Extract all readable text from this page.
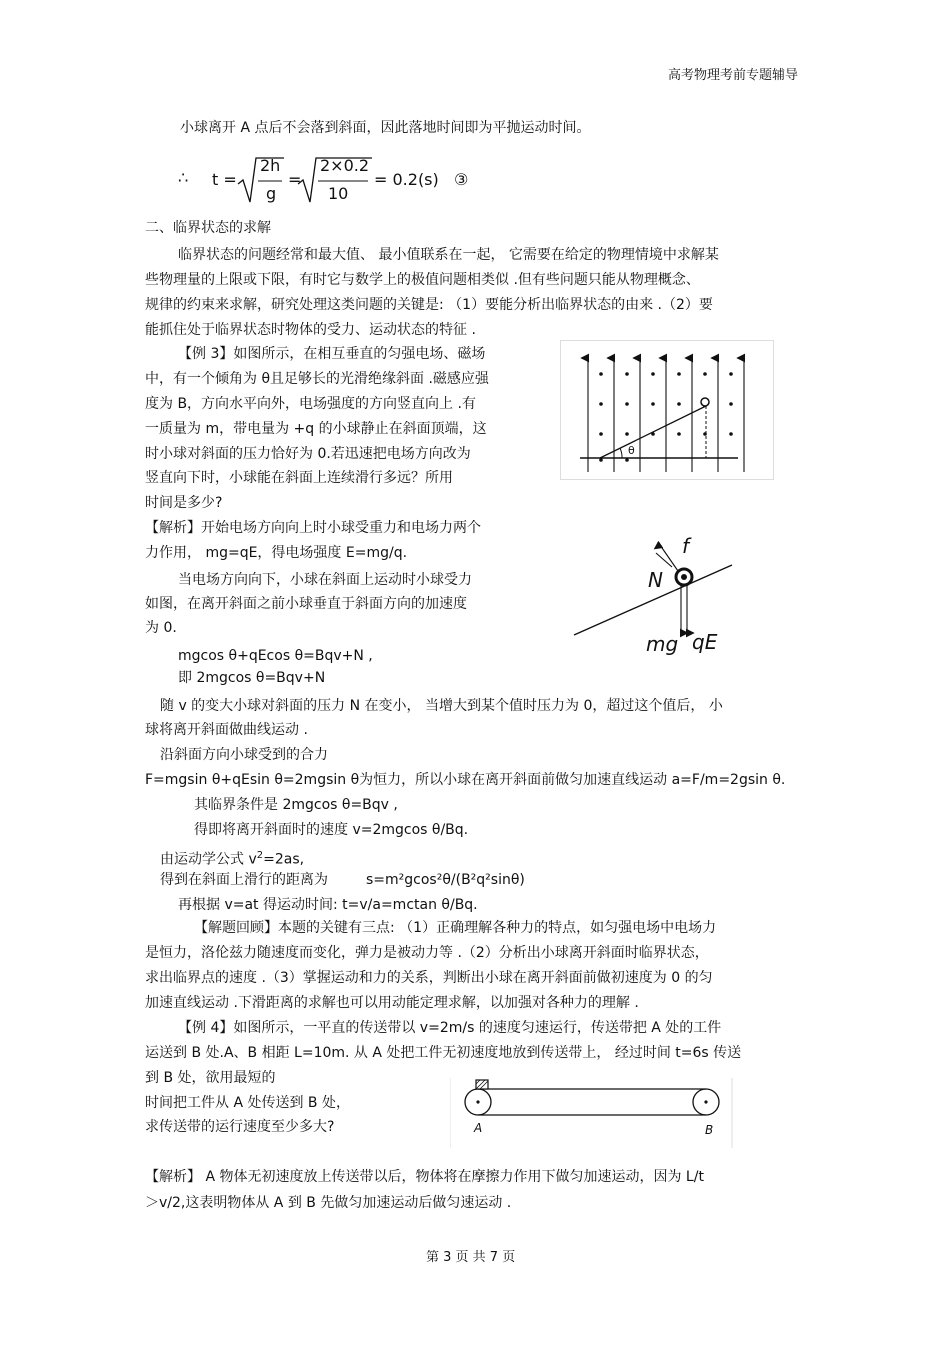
高考物理考前专题辅导
小球离开 A 点后不会落到斜面，因此落地时间即为平抛运动时间。
∴ t =
2h
g
=
2×0.2
10
= 0.2(s) ③
二、临界状态的求解
临界状态的问题经常和最大值、 最小值联系在一起， 它需要在给定的物理情境中求解某
些物理量的上限或下限，有时它与数学上的极值问题相类似 .但有些问题只能从物理概念、
规律的约束来求解，研究处理这类问题的关键是: （1）要能分析出临界状态的由来 .（2）要
能抓住处于临界状态时物体的受力、运动状态的特征 .
【例 3】如图所示，在相互垂直的匀强电场、磁场
中，有一个倾角为 θ且足够长的光滑绝缘斜面 .磁感应强
度为 B，方向水平向外，电场强度的方向竖直向上 .有
一质量为 m，带电量为 +q 的小球静止在斜面顶端，这
时小球对斜面的压力恰好为 0.若迅速把电场方向改为
竖直向下时，小球能在斜面上连续滑行多远？所用
时间是多少?
θ
【解析】开始电场方向向上时小球受重力和电场力两个
力作用， mg=qE，得电场强度 E=mg/q.
当电场方向向下，小球在斜面上运动时小球受力
如图，在离开斜面之前小球垂直于斜面方向的加速度
为 0.
mgcos θ+qEcos θ=Bqv+N ,
即 2mgcos θ=Bqv+N
f
N
mg qE
随 v 的变大小球对斜面的压力 N 在变小， 当增大到某个值时压力为 0，超过这个值后， 小
球将离开斜面做曲线运动 .
沿斜面方向小球受到的合力
F=mgsin θ+qEsin θ=2mgsin θ为恒力，所以小球在离开斜面前做匀加速直线运动 a=F/m=2gsin θ.
其临界条件是 2mgcos θ=Bqv ,
得即将离开斜面时的速度 v=2mgcos θ/Bq.
由运动学公式 $v^2=2as$,
得到在斜面上滑行的距离为	s=m²gcos²θ/(B²q²sinθ)
再根据 v=at 得运动时间: t=v/a=mctan θ/Bq.
【解题回顾】本题的关键有三点: （1）正确理解各种力的特点，如匀强电场中电场力
是恒力，洛伦兹力随速度而变化，弹力是被动力等 .（2）分析出小球离开斜面时临界状态，
求出临界点的速度 .（3）掌握运动和力的关系，判断出小球在离开斜面前做初速度为 0 的匀
加速直线运动 .下滑距离的求解也可以用动能定理求解，以加强对各种力的理解 .
【例 4】如图所示，一平直的传送带以 v=2m/s 的速度匀速运行，传送带把 A 处的工件
运送到 B 处.A、B 相距 L=10m. 从 A 处把工件无初速度地放到传送带上， 经过时间 t=6s 传送
到 B 处，欲用最短的
时间把工件从 A 处传送到 B 处，
求传送带的运行速度至少多大?	A	B
【解析】 A 物体无初速度放上传送带以后，物体将在摩擦力作用下做匀加速运动，因为 L/t
＞v/2,这表明物体从 A 到 B 先做匀加速运动后做匀速运动 .
第 3 页 共 7 页
